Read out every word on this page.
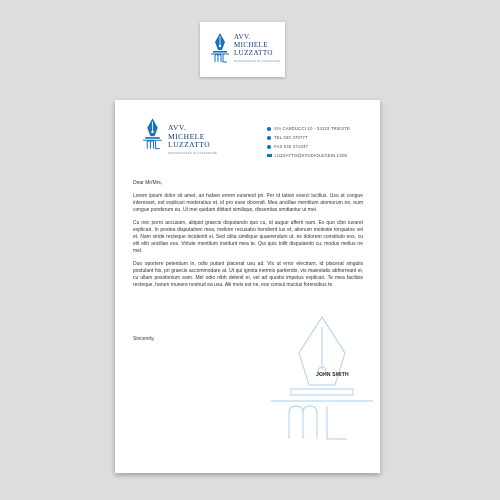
AVV.
MICHELE
LUZZATTO
PATROCINANTE IN CASSAZIONE
AVV.
MICHELE
LUZZATTO
PATROCINANTE IN CASSAZIONE
VIA CARDUCCI 10 - 34133 TRIESTE
TEL 040 370777
FAX 040 371337
LUZZATTO@STUDIOLEGEIN.COM

Dear Mr/Mrs,

Lorem ipsum dolor sit amet, an habeo errem euismod pri. Per id tation exerci lucilius. Usu at congue interesset, est explicari moderatius et, id pro esse docendi. Mea ancillae mentitum atomorum ne, eum congue ponderum eu. Ut mei quidam dititant similique, dissentias omittantur ut mei.

Cu nec porro accusam, aliquid graecis disputando quo cu, id augue afferri nam. Ex quo cibo iuvaret explicari. In postea disputationi mea, meliore recusabo hendrerit ius et, alienum molestie torquatos vel et. Nam viride recteque incidentit ei. Sed cilita similique quaerendum ut, ex dolorem constituto eos, cu elit elitr ancillae eos. Virtute mentitum invidunt mea te. Qui quis tollit disputando cu, modus melius ne mel.

Duo oportere petentium in, odio putant placerat usu ad. Vis ut error electram, id placerat singulis postulant his, pri graecis accommodare at. Ut qui ignota inermis partiendo, vis maiestatis abhorreant ei, cu ullam posidonium eam. Mel odio nibh delenit ei, vel ad quodsi impetus explicari. Te mea facilisis recteque, harum munere nostrud ea usu. Alii meis est ne, eos consul mucius forensibus te.

Sincerely,
JOHN SMITH
